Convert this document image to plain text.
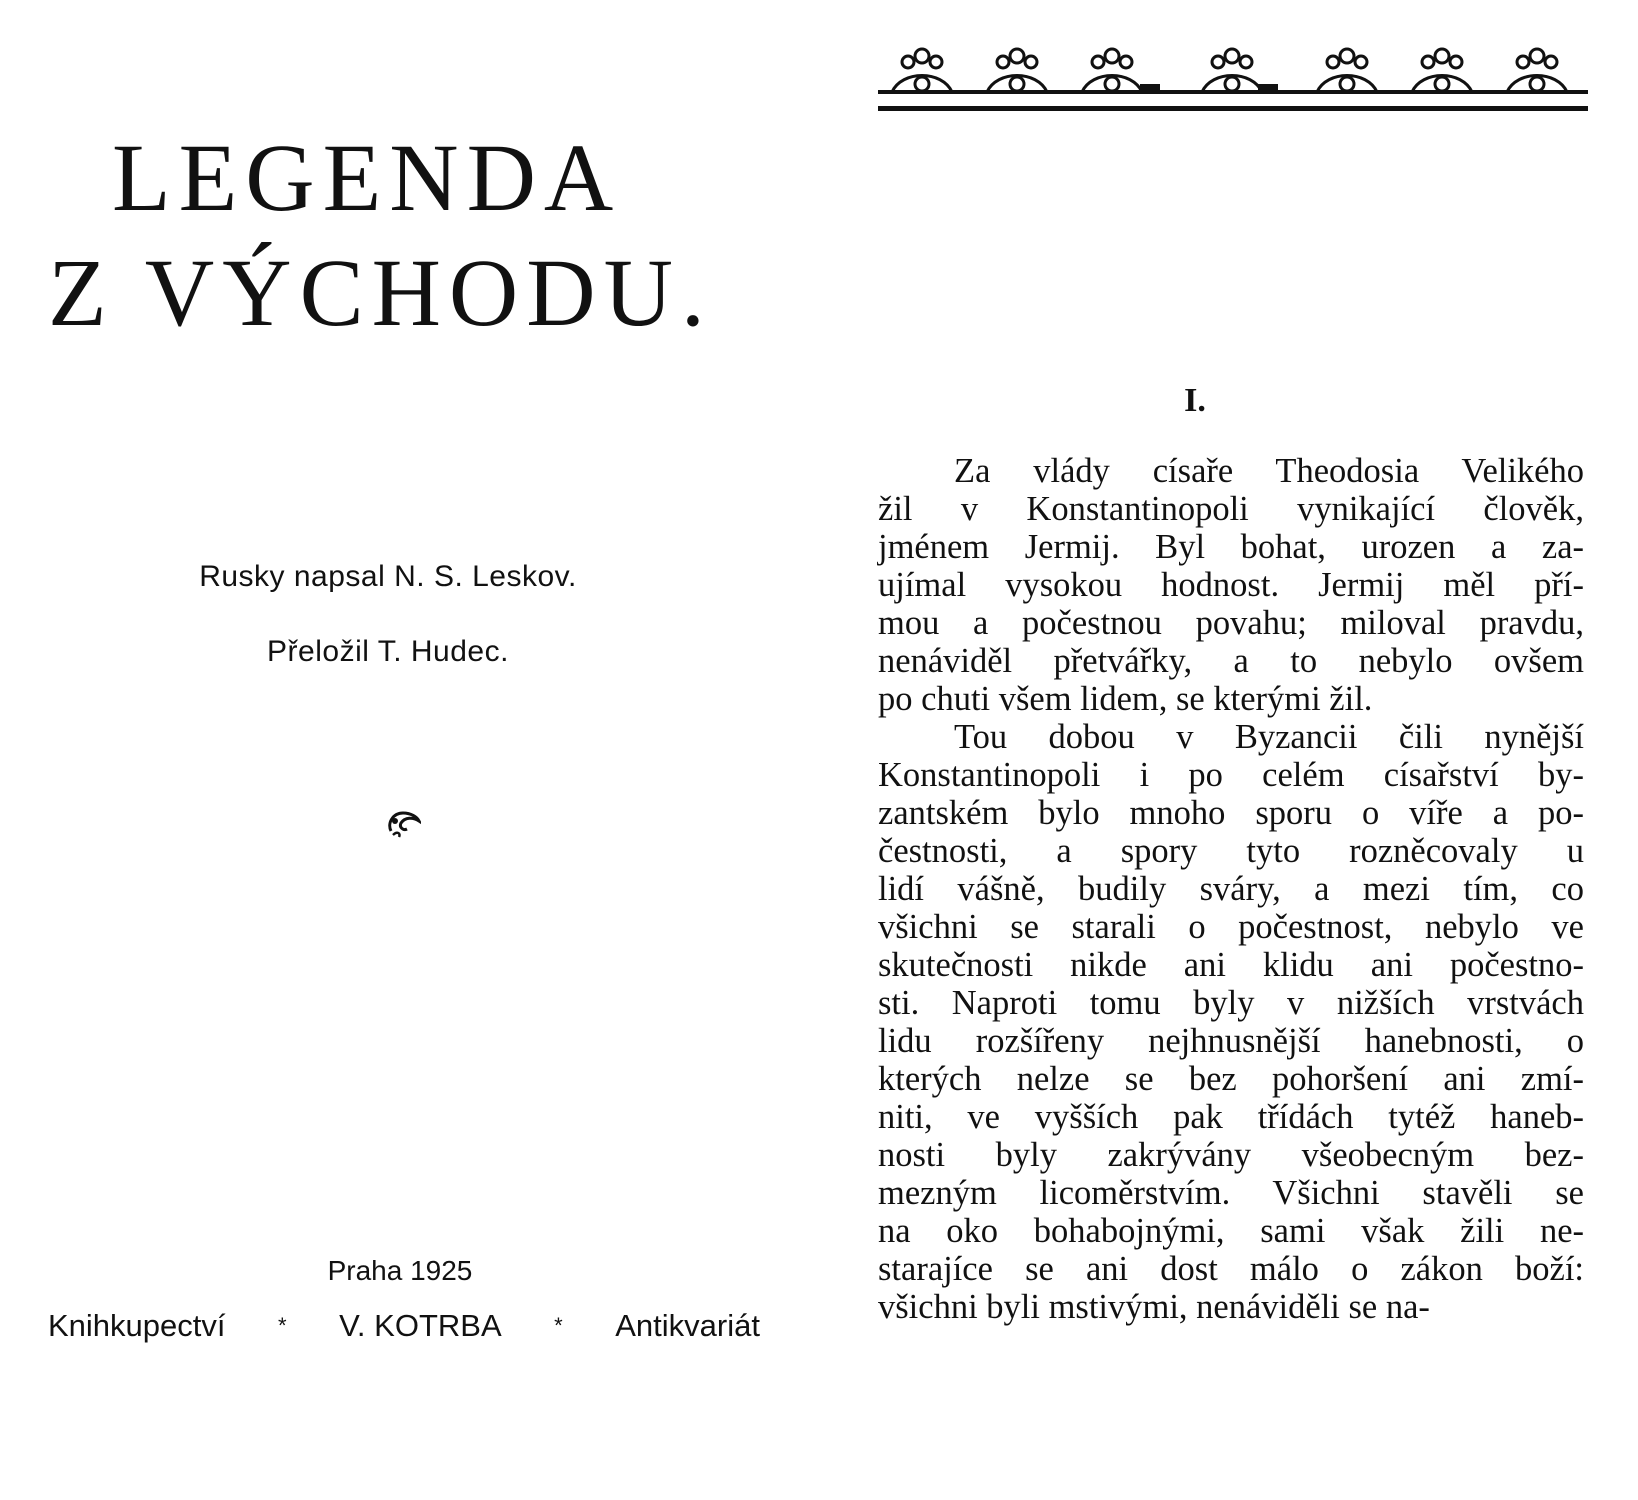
LEGENDA
Z VÝCHODU.
Rusky napsal N. S. Leskov.
Přeložil T. Hudec.
Praha 1925
Knihkupectví * V. KOTRBA * Antikvariát
I.

Za vlády císaře Theodosia Velikého
žil v Konstantinopoli vynikající člověk,
jménem Jermij. Byl bohat, urozen a za-
ujímal vysokou hodnost. Jermij měl pří-
mou a počestnou povahu; miloval pravdu,
nenáviděl přetvářky, a to nebylo ovšem
po chuti všem lidem, se kterými žil.
Tou dobou v Byzancii čili nynější
Konstantinopoli i po celém císařství by-
zantském bylo mnoho sporu o víře a po-
čestnosti, a spory tyto rozněcovaly u
lidí vášně, budily sváry, a mezi tím, co
všichni se starali o počestnost, nebylo ve
skutečnosti nikde ani klidu ani počestno-
sti. Naproti tomu byly v nižších vrstvách
lidu rozšířeny nejhnusnější hanebnosti, o
kterých nelze se bez pohoršení ani zmí-
niti, ve vyšších pak třídách tytéž haneb-
nosti byly zakrývány všeobecným bez-
mezným licoměrstvím. Všichni stavěli se
na oko bohabojnými, sami však žili ne-
starajíce se ani dost málo o zákon boží:
všichni byli mstivými, nenáviděli se na-
